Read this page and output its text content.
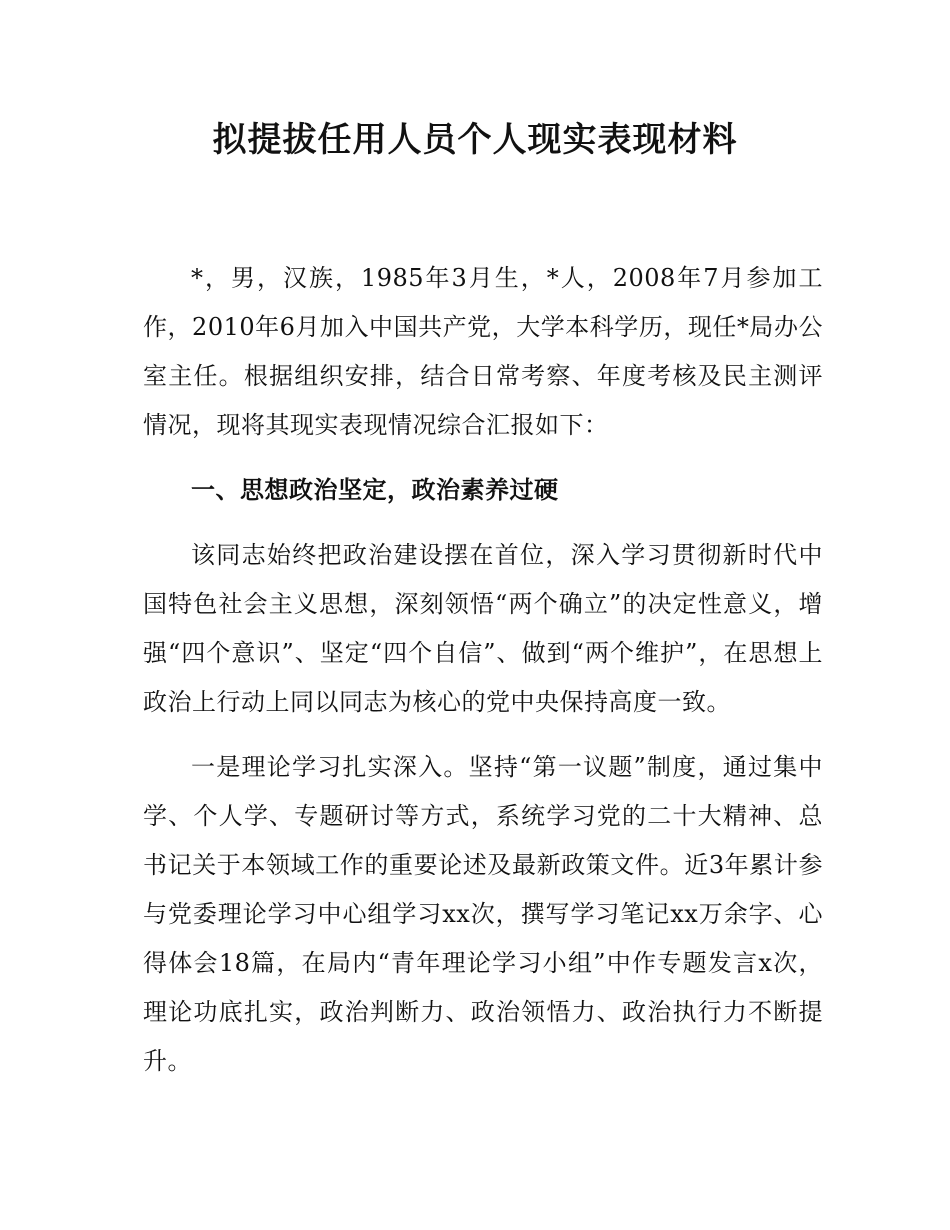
拟提拔任用人员个人现实表现材料

*，男，汉族，1985年3月生，*人，2008年7月参加工作，2010年6月加入中国共产党，大学本科学历，现任*局办公室主任。根据组织安排，结合日常考察、年度考核及民主测评情况，现将其现实表现情况综合汇报如下：

一、思想政治坚定，政治素养过硬

该同志始终把政治建设摆在首位，深入学习贯彻新时代中国特色社会主义思想，深刻领悟“两个确立”的决定性意义，增强“四个意识”、坚定“四个自信”、做到“两个维护”，在思想上政治上行动上同以同志为核心的党中央保持高度一致。

一是理论学习扎实深入。坚持“第一议题”制度，通过集中学、个人学、专题研讨等方式，系统学习党的二十大精神、总书记关于本领域工作的重要论述及最新政策文件。近3年累计参与党委理论学习中心组学习xx次，撰写学习笔记xx万余字、心得体会18篇，在局内“青年理论学习小组”中作专题发言x次，理论功底扎实，政治判断力、政治领悟力、政治执行力不断提升。
